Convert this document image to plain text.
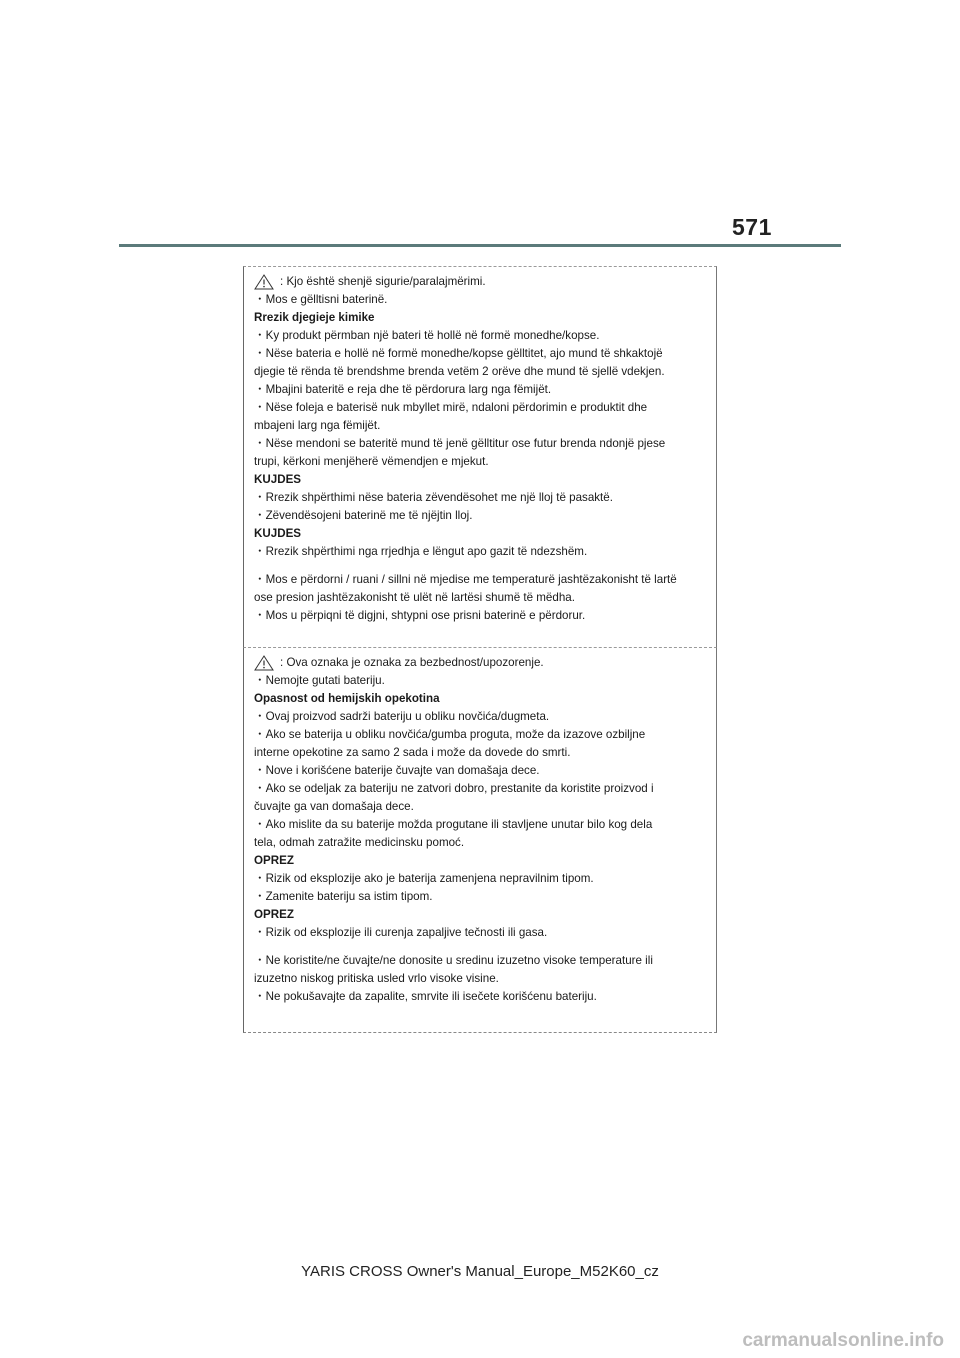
571
: Kjo është shenjë sigurie/paralajmërimi.
・Mos e gëlltisni baterinë.
Rrezik djegieje kimike
・Ky produkt përmban një bateri të hollë në formë monedhe/kopse.
・Nëse bateria e hollë në formë monedhe/kopse gëlltitet, ajo mund të shkaktojë
djegie të rënda të brendshme brenda vetëm 2 orëve dhe mund të sjellë vdekjen.
・Mbajini bateritë e reja dhe të përdorura larg nga fëmijët.
・Nëse foleja e baterisë nuk mbyllet mirë, ndaloni përdorimin e produktit dhe
mbajeni larg nga fëmijët.
・Nëse mendoni se bateritë mund të jenë gëlltitur ose futur brenda ndonjë pjese
trupi, kërkoni menjëherë vëmendjen e mjekut.
KUJDES
・Rrezik shpërthimi nëse bateria zëvendësohet me një lloj të pasaktë.
・Zëvendësojeni baterinë me të njëjtin lloj.
KUJDES
・Rrezik shpërthimi nga rrjedhja e lëngut apo gazit të ndezshëm.
・Mos e përdorni / ruani / sillni në mjedise me temperaturë jashtëzakonisht të lartë
ose presion jashtëzakonisht të ulët në lartësi shumë të mëdha.
・Mos u përpiqni të digjni, shtypni ose prisni baterinë e përdorur.
: Ova oznaka je oznaka za bezbednost/upozorenje.
・Nemojte gutati bateriju.
Opasnost od hemijskih opekotina
・Ovaj proizvod sadrži bateriju u obliku novčića/dugmeta.
・Ako se baterija u obliku novčića/gumba proguta, može da izazove ozbiljne
interne opekotine za samo 2 sada i može da dovede do smrti.
・Nove i korišćene baterije čuvajte van domašaja dece.
・Ako se odeljak za bateriju ne zatvori dobro, prestanite da koristite proizvod i
čuvajte ga van domašaja dece.
・Ako mislite da su baterije možda progutane ili stavljene unutar bilo kog dela
tela, odmah zatražite medicinsku pomoć.
OPREZ
・Rizik od eksplozije ako je baterija zamenjena nepravilnim tipom.
・Zamenite bateriju sa istim tipom.
OPREZ
・Rizik od eksplozije ili curenja zapaljive tečnosti ili gasa.
・Ne koristite/ne čuvajte/ne donosite u sredinu izuzetno visoke temperature ili
izuzetno niskog pritiska usled vrlo visoke visine.
・Ne pokušavajte da zapalite, smrvite ili isečete korišćenu bateriju.
YARIS CROSS Owner's Manual_Europe_M52K60_cz
carmanualsonline.info
